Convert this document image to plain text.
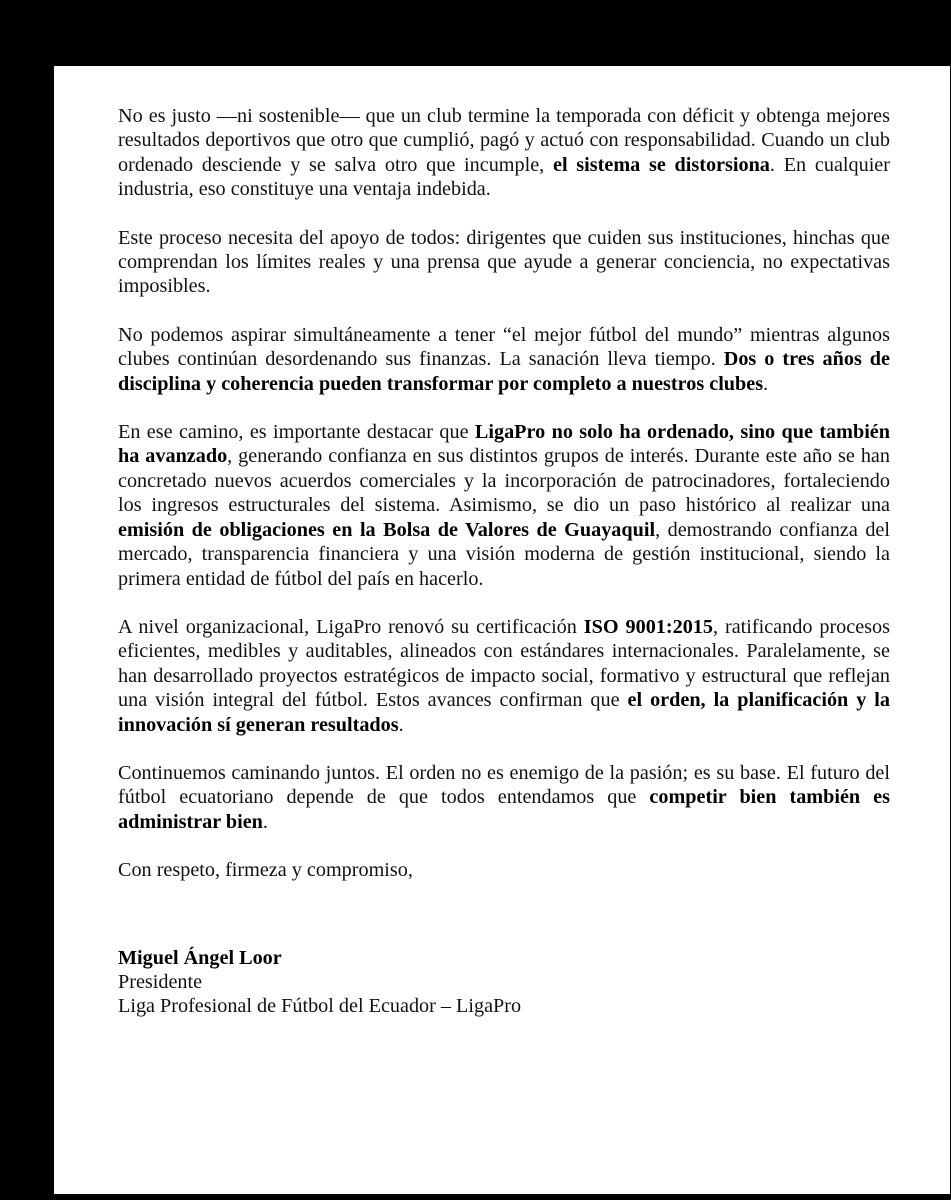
No es justo —ni sostenible— que un club termine la temporada con déficit y obtenga mejores resultados deportivos que otro que cumplió, pagó y actuó con responsabilidad. Cuando un club ordenado desciende y se salva otro que incumple, el sistema se distorsiona. En cualquier industria, eso constituye una ventaja indebida.

Este proceso necesita del apoyo de todos: dirigentes que cuiden sus instituciones, hinchas que comprendan los límites reales y una prensa que ayude a generar conciencia, no expectativas imposibles.

No podemos aspirar simultáneamente a tener “el mejor fútbol del mundo” mientras algunos clubes continúan desordenando sus finanzas. La sanación lleva tiempo. Dos o tres años de disciplina y coherencia pueden transformar por completo a nuestros clubes.

En ese camino, es importante destacar que LigaPro no solo ha ordenado, sino que también ha avanzado, generando confianza en sus distintos grupos de interés. Durante este año se han concretado nuevos acuerdos comerciales y la incorporación de patrocinadores, fortaleciendo los ingresos estructurales del sistema. Asimismo, se dio un paso histórico al realizar una emisión de obligaciones en la Bolsa de Valores de Guayaquil, demostrando confianza del mercado, transparencia financiera y una visión moderna de gestión institucional, siendo la primera entidad de fútbol del país en hacerlo.

A nivel organizacional, LigaPro renovó su certificación ISO 9001:2015, ratificando procesos eficientes, medibles y auditables, alineados con estándares internacionales. Paralelamente, se han desarrollado proyectos estratégicos de impacto social, formativo y estructural que reflejan una visión integral del fútbol. Estos avances confirman que el orden, la planificación y la innovación sí generan resultados.

Continuemos caminando juntos. El orden no es enemigo de la pasión; es su base. El futuro del fútbol ecuatoriano depende de que todos entendamos que competir bien también es administrar bien.

Con respeto, firmeza y compromiso,

Miguel Ángel Loor
Presidente
Liga Profesional de Fútbol del Ecuador – LigaPro
